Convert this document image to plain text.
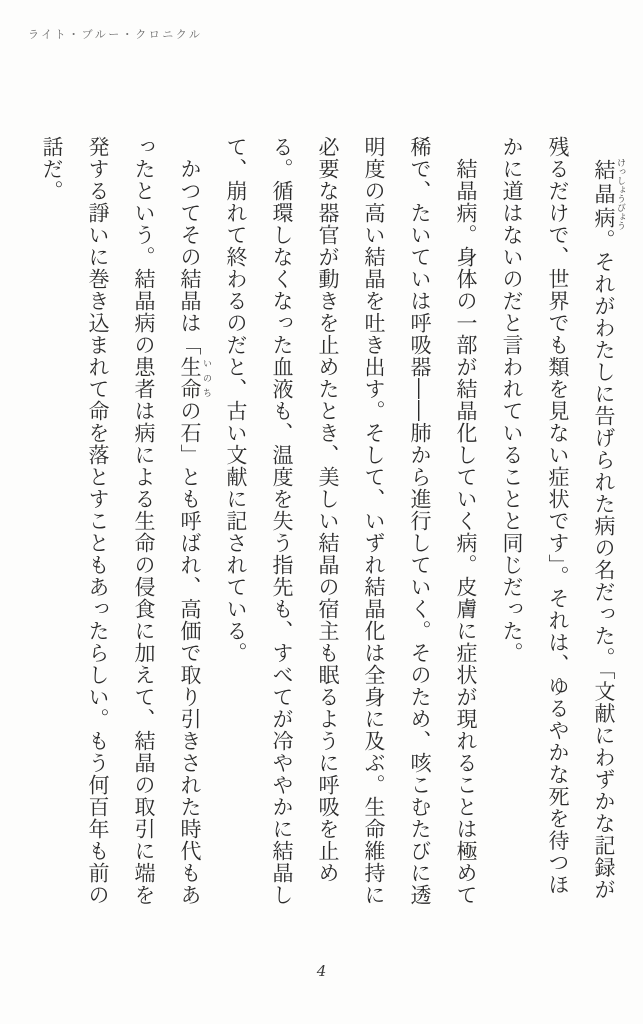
ライト・ブルー・クロニクル

結晶病 けっしょうびょう。それがわたしに告げられた病の名だった。「文献にわずかな記録が残るだけで、世界でも類を見ない症状です」。それは、ゆるやかな死を待つほかに道はないのだと言われていることと同じだった。

結晶病。身体の一部が結晶化していく病。皮膚に症状が現れることは極めて稀で、たいていは呼吸器――肺から進行していく。そのため、咳こむたびに透明度の高い結晶を吐き出す。そして、いずれ結晶化は全身に及ぶ。生命維持に必要な器官が動きを止めたとき、美しい結晶の宿主も眠るように呼吸を止める。循環しなくなった血液も、温度を失う指先も、すべてが冷ややかに結晶して、崩れて終わるのだと、古い文献に記されている。

かつてその結晶は「生命 いのちの石」とも呼ばれ、高価で取り引きされた時代もあったという。結晶病の患者は病による生命の侵食に加えて、結晶の取引に端を発する諍いに巻き込まれて命を落とすこともあったらしい。もう何百年も前の話だ。

4
